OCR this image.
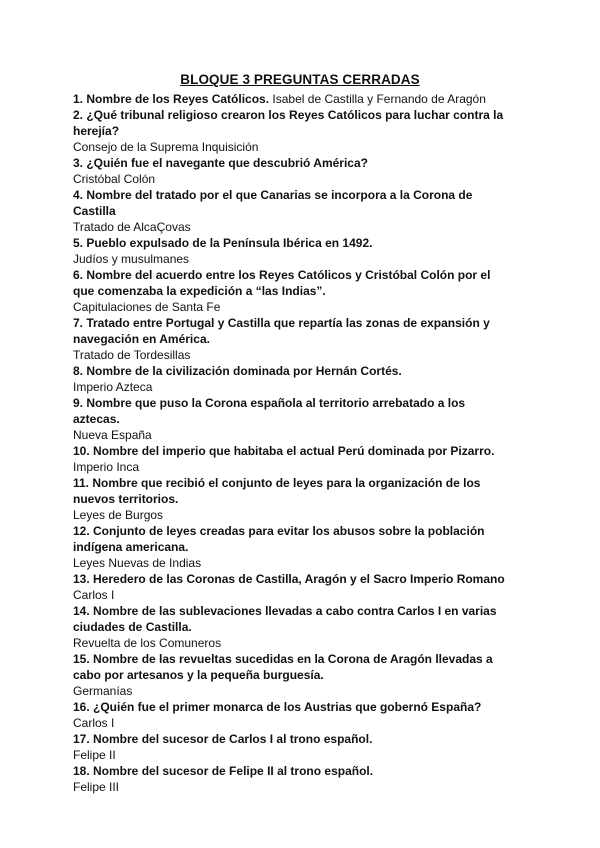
BLOQUE 3 PREGUNTAS CERRADAS
1. Nombre de los Reyes Católicos. Isabel de Castilla y Fernando de Aragón
2. ¿Qué tribunal religioso crearon los Reyes Católicos para luchar contra la herejía?
Consejo de la Suprema Inquisición
3. ¿Quién fue el navegante que descubrió América?
Cristóbal Colón
4. Nombre del tratado por el que Canarias se incorpora a la Corona de Castilla
Tratado de AlcaÇovas
5. Pueblo expulsado de la Península Ibérica en 1492.
Judíos y musulmanes
6. Nombre del acuerdo entre los Reyes Católicos y Cristóbal Colón por el que comenzaba la expedición a “las Indias”.
Capitulaciones de Santa Fe
7. Tratado entre Portugal y Castilla que repartía las zonas de expansión y navegación en América.
Tratado de Tordesillas
8. Nombre de la civilización dominada por Hernán Cortés.
Imperio Azteca
9. Nombre que puso la Corona española al territorio arrebatado a los aztecas.
Nueva España
10. Nombre del imperio que habitaba el actual Perú dominada por Pizarro.
Imperio Inca
11. Nombre que recibió el conjunto de leyes para la organización de los nuevos territorios.
Leyes de Burgos
12. Conjunto de leyes creadas para evitar los abusos sobre la población indígena americana.
Leyes Nuevas de Indias
13. Heredero de las Coronas de Castilla, Aragón y el Sacro Imperio Romano
Carlos I
14. Nombre de las sublevaciones llevadas a cabo contra Carlos I en varias ciudades de Castilla.
Revuelta de los Comuneros
15. Nombre de las revueltas sucedidas en la Corona de Aragón llevadas a cabo por artesanos y la pequeña burguesía.
Germanías
16. ¿Quién fue el primer monarca de los Austrias que gobernó España?
Carlos I
17. Nombre del sucesor de Carlos I al trono español.
Felipe II
18. Nombre del sucesor de Felipe II al trono español.
Felipe III
